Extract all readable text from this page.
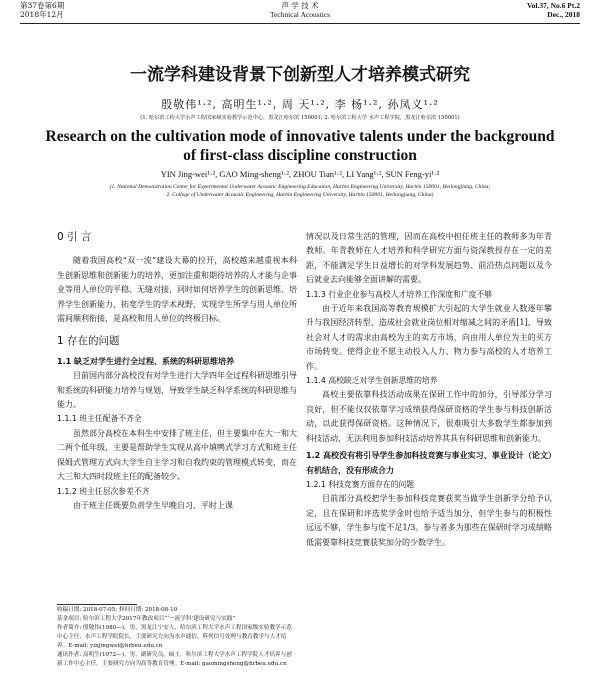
第37卷第6期
2018年12月
声 学 技 术
Technical Acoustics
Vol.37, No.6 Pt.2
Dec., 2018
一流学科建设背景下创新型人才培养模式研究
殷敬伟¹·², 高明生¹·², 周 天¹·², 李 杨¹·², 孙凤义¹·²
(1. 哈尔滨工程大学水声工程国家级实验教学示范中心，黑龙江哈尔滨 150001; 2. 哈尔滨工程大学 水声工程学院，黑龙江哈尔滨 150001)
Research on the cultivation mode of innovative talents under the background of first-class discipline construction
YIN Jing-wei¹·², GAO Ming-sheng¹·², ZHOU Tian¹·², LI Yang¹·², SUN Feng-yi¹·²
(1. National Demonstration Center for Experimental Underwater Acoustic Engineering Education, Harbin Engineering University, Harbin 150001, Heilongjiang, China;
2. College of Underwater Acoustic Engineering, Harbin Engineering University, Harbin 150001, Heilongjiang, China)
0 引 言

随着我国高校“双一流”建设大幕的拉开，高校越来越重视本科生创新思维和创新能力的培养，更加注重和期待培养的人才能与企事业等用人单位的平稳、无缝对接，同时如何培养学生的创新思维、培养学生创新能力，拓宽学生的学术视野，实现学生所学与用人单位所需间顺利衔接，是高校和用人单位的终极目标。

1 存在的问题
1.1 缺乏对学生进行全过程、系统的科研思维培养

目前国内部分高校没有对学生进行大学四年全过程科研思维引导和系统的科研能力培养与规划，导致学生缺乏科学系统的科研思维与能力。

1.1.1 班主任配备不齐全

虽然部分高校在本科生中安排了班主任，但主要集中在大一和大二两个低年级，主要是帮助学生实现从高中填鸭式学习方式和班主任保姆式管理方式向大学生自主学习和自我约束的管理模式转变，而在大三和大四时段班主任的配备较少。

1.1.2 班主任层次参差不齐

由于班主任既要负责学生早晚自习、平时上课

情况以及日常生活的管理，因而在高校中担任班主任的教师多为年青教师。年青教师在人才培养和科学研究方面与资深教授存在一定的差距，不能满足学生日益增长的对学科发展趋势、前沿热点问题以及今后就业去向能够全面讲解的需要。

1.1.3 行业企业参与高校人才培养工作深度和广度不够

由于近年来我国高等教育规模扩大引起的大学生就业人数逐年攀升与我国经济转型、造成社会就业岗位相对缩减之间的矛盾[1]，导致社会对人才的需求由高校为主的卖方市场，向由用人单位为主的买方市场转变。使得企业不愿主动投入人力、物力参与高校的人才培养工作。

1.1.4 高校缺乏对学生创新思维的培养

高校主要依靠科技活动成果在保研工作中的加分，引导部分学习良好，但不能仅仅依靠学习成绩获得保研资格的学生参与科技创新活动，以此获得保研资格。这种情况下，很难吸引大多数学生都参加到科技活动，无法利用参加科技活动培养其具有科研思维和创新能力。

1.2 高校没有将引导学生参加科技竞赛与事业实习、事业设计（论文）有机结合，没有形成合力
1.2.1 科技竞赛方面存在的问题

目前部分高校把学生参加科技竞赛获奖当做学生创新学分给予认定，且在保研和评选奖学金时也给予适当加分，但学生参与的积极性远远不够，学生参与度不足1/3。参与者多为那些在保研时学习成绩略低需要靠科技竞赛获奖加分的少数学生。

收稿日期: 2018-07-05; 修回日期: 2018-08-10
基金项目: 哈尔滨工程大学2017年教改项目“‘一流学科’建设研究与实践”
作者简介: 殷敬伟(1980—)，男，黑龙江宁安人，哈尔滨工程大学水声工程国家级实验教学示范中心主任，水声工程学院院长，主要研究方向为水声通信、阵列信号处理与教育教学与人才培养。E-mail: yinjingwei@hrbeu.edu.cn
通讯作者: 高明生(1972—)，男，副研究员，硕士，哈尔滨工程大学水声工程学院人才培养与创新工作中心主任，主要研究方向为高等教育管理。E-mail: gaomingsheng@hrbeu.edu.cn
